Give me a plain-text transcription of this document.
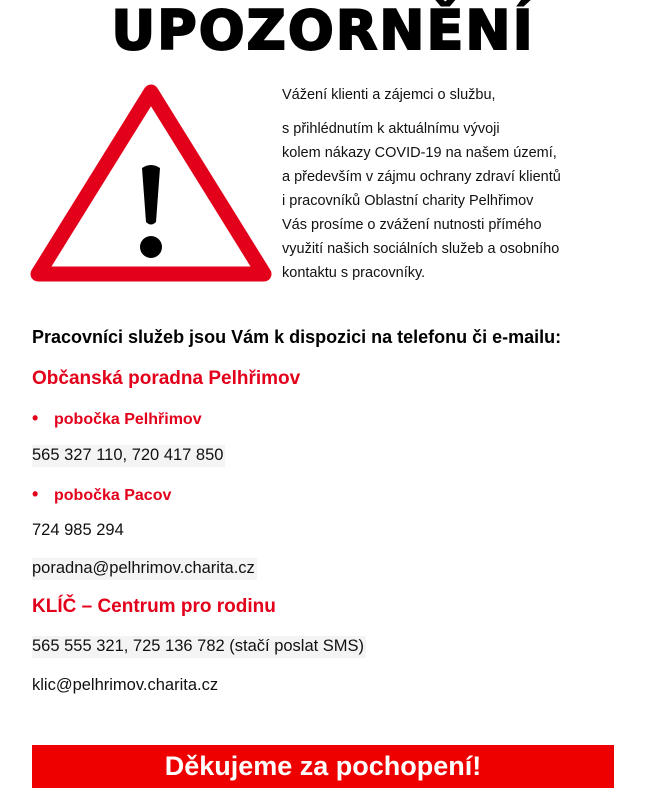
UPOZORNĚNÍ
Vážení klienti a zájemci o službu,
s přihlédnutím k aktuálnímu vývoji
kolem nákazy COVID-19 na našem území,
a především v zájmu ochrany zdraví klientů
i pracovníků Oblastní charity Pelhřimov
Vás prosíme o zvážení nutnosti přímého
využití našich sociálních služeb a osobního
kontaktu s pracovníky.
Pracovníci služeb jsou Vám k dispozici na telefonu či e-mailu:
Občanská poradna Pelhřimov
• pobočka Pelhřimov
565 327 110, 720 417 850
• pobočka Pacov
724 985 294
poradna@pelhrimov.charita.cz
KLÍČ – Centrum pro rodinu
565 555 321, 725 136 782 (stačí poslat SMS)
klic@pelhrimov.charita.cz
Děkujeme za pochopení!
